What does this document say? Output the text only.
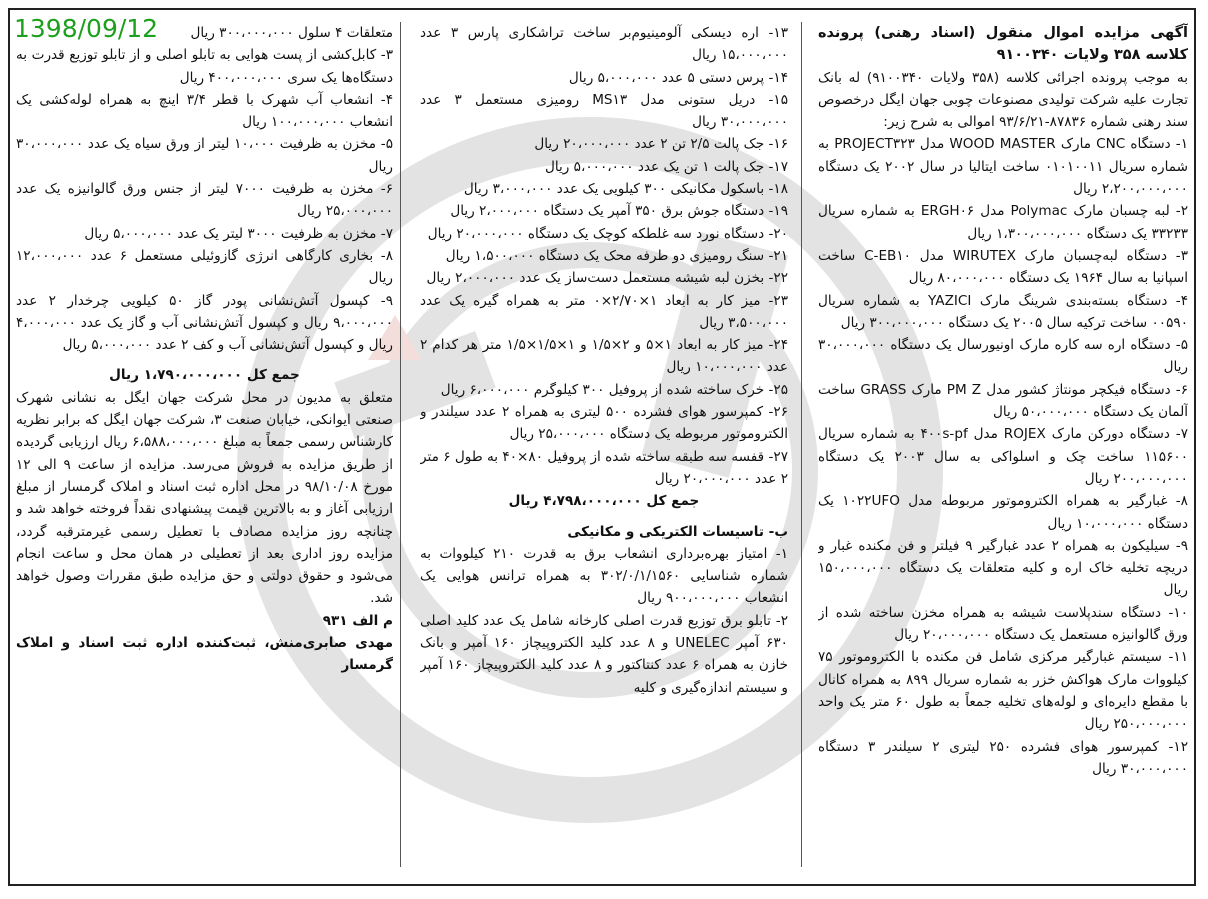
1398/09/12	آگهی مزایده اموال منقول (اسناد رهنی) پرونده کلاسه ۳۵۸ ولایات ۹۱۰۰۳۴۰

به موجب پرونده اجرائی کلاسه (۳۵۸ ولایات ۹۱۰۰۳۴۰) له بانک تجارت علیه شرکت تولیدی مصنوعات چوبی جهان ایگل درخصوص سند رهنی شماره ۸۷۸۳۶-۹۳/۶/۲۱ اموالی به شرح زیر:

۱- دستگاه CNC مارک WOOD MASTER مدل PROJECT۳۲۳ به شماره سریال ۰۱۰۱۰۰۱۱ ساخت ایتالیا در سال ۲۰۰۲ یک دستگاه ۲،۲۰۰،۰۰۰،۰۰۰ ریال

۲- لبه چسبان مارک Polymac مدل ERGH۰۶ به شماره سریال ۳۳۲۳۳ یک دستگاه ۱،۳۰۰،۰۰۰،۰۰۰ ریال

۳- دستگاه لبه‌چسبان مارک WIRUTEX مدل C-EB۱۰ ساخت اسپانیا به سال ۱۹۶۴ یک دستگاه ۸۰،۰۰۰،۰۰۰ ریال

۴- دستگاه بسته‌بندی شرینگ مارک YAZICI به شماره سریال ۰۰۵۹۰ ساخت ترکیه سال ۲۰۰۵ یک دستگاه ۳۰۰،۰۰۰،۰۰۰ ریال

۵- دستگاه اره سه کاره مارک اونیورسال یک دستگاه ۳۰،۰۰۰،۰۰۰ ریال

۶- دستگاه فیکچر مونتاژ کشور مدل PM Z مارک GRASS ساخت آلمان یک دستگاه ۵۰،۰۰۰،۰۰۰ ریال

۷- دستگاه دورکن مارک ROJEX مدل ۴۰۰s-pf به شماره سریال ۱۱۵۶۰۰ ساخت چک و اسلواکی به سال ۲۰۰۳ یک دستگاه ۲۰۰،۰۰۰،۰۰۰ ریال

۸- غبارگیر به همراه الکتروموتور مربوطه مدل ۱۰۲۲UFO یک دستگاه ۱۰،۰۰۰،۰۰۰ ریال

۹- سیلیکون به همراه ۲ عدد غبارگیر ۹ فیلتر و فن مکنده غبار و دریچه تخلیه خاک اره و کلیه متعلقات یک دستگاه ۱۵۰،۰۰۰،۰۰۰ ریال

۱۰- دستگاه سندپلاست شیشه به همراه مخزن ساخته شده از ورق گالوانیزه مستعمل یک دستگاه ۲۰،۰۰۰،۰۰۰ ریال

۱۱- سیستم غبارگیر مرکزی شامل فن مکنده با الکتروموتور ۷۵ کیلووات مارک هواکش خزر به شماره سریال ۸۹۹ به همراه کانال با مقطع دایره‌ای و لوله‌های تخلیه جمعاً به طول ۶۰ متر یک واحد ۲۵۰،۰۰۰،۰۰۰ ریال

۱۲- کمپرسور هوای فشرده ۲۵۰ لیتری ۲ سیلندر ۳ دستگاه ۳۰،۰۰۰،۰۰۰ ریال

۱۳- اره دیسکی آلومینیوم‌بر ساخت تراشکاری پارس ۳ عدد ۱۵،۰۰۰،۰۰۰ ریال

۱۴- پرس دستی ۵ عدد ۵،۰۰۰،۰۰۰ ریال

۱۵- دریل ستونی مدل MS۱۳ رومیزی مستعمل ۳ عدد ۳۰،۰۰۰،۰۰۰ ریال

۱۶- جک پالت ۲/۵ تن ۲ عدد ۲۰،۰۰۰،۰۰۰ ریال

۱۷- جک پالت ۱ تن یک عدد ۵،۰۰۰،۰۰۰ ریال

۱۸- باسکول مکانیکی ۳۰۰ کیلویی یک عدد ۳،۰۰۰،۰۰۰ ریال

۱۹- دستگاه جوش برق ۳۵۰ آمپر یک دستگاه ۲،۰۰۰،۰۰۰ ریال

۲۰- دستگاه نورد سه غلطکه کوچک یک دستگاه ۲۰،۰۰۰،۰۰۰ ریال

۲۱- سنگ رومیزی دو طرفه محک یک دستگاه ۱،۵۰۰،۰۰۰ ریال

۲۲- بخزن لبه شیشه مستعمل دست‌ساز یک عدد ۲،۰۰۰،۰۰۰ ریال

۲۳- میز کار به ابعاد ۱×۲/۷۰×۰ متر به همراه گیره یک عدد ۳،۵۰۰،۰۰۰ ریال

۲۴- میز کار به ابعاد ۱×۵ و ۲×۱/۵ و ۱×۱/۵×۱/۵ متر هر کدام ۲ عدد ۱۰،۰۰۰،۰۰۰ ریال

۲۵- خرک ساخته شده از پروفیل ۳۰۰ کیلوگرم ۶،۰۰۰،۰۰۰ ریال

۲۶- کمپرسور هوای فشرده ۵۰۰ لیتری به همراه ۲ عدد سیلندر و الکتروموتور مربوطه یک دستگاه ۲۵،۰۰۰،۰۰۰ ریال

۲۷- قفسه سه طبقه ساخته شده از پروفیل ۸۰×۴۰ به طول ۶ متر ۲ عدد ۲۰،۰۰۰،۰۰۰ ریال

جمع کل ۴،۷۹۸،۰۰۰،۰۰۰ ریال

ب- تاسیسات الکتریکی و مکانیکی

۱- امتیاز بهره‌برداری انشعاب برق به قدرت ۲۱۰ کیلووات به شماره شناسایی ۳۰۲/۰/۱/۱۵۶۰ به همراه ترانس هوایی یک انشعاب ۹۰۰،۰۰۰،۰۰۰ ریال

۲- تابلو برق توزیع قدرت اصلی کارخانه شامل یک عدد کلید اصلی ۶۳۰ آمپر UNELEC و ۸ عدد کلید الکتروپیچاز ۱۶۰ آمپر و بانک خازن به همراه ۶ عدد کنتاکتور و ۸ عدد کلید الکتروپیچاز ۱۶۰ آمپر و سیستم اندازه‌گیری و کلیه

متعلقات ۴ سلول ۳۰۰،۰۰۰،۰۰۰ ریال

۳- کابل‌کشی از پست هوایی به تابلو اصلی و از تابلو توزیع قدرت به دستگاه‌ها یک سری ۴۰۰،۰۰۰،۰۰۰ ریال

۴- انشعاب آب شهرک با قطر ۳/۴ اینچ به همراه لوله‌کشی یک انشعاب ۱۰۰،۰۰۰،۰۰۰ ریال

۵- مخزن به ظرفیت ۱۰،۰۰۰ لیتر از ورق سیاه یک عدد ۳۰،۰۰۰،۰۰۰ ریال

۶- مخزن به ظرفیت ۷۰۰۰ لیتر از جنس ورق گالوانیزه یک عدد ۲۵،۰۰۰،۰۰۰ ریال

۷- مخزن به ظرفیت ۳۰۰۰ لیتر یک عدد ۵،۰۰۰،۰۰۰ ریال

۸- بخاری کارگاهی انرژی گازوئیلی مستعمل ۶ عدد ۱۲،۰۰۰،۰۰۰ ریال

۹- کپسول آتش‌نشانی پودر گاز ۵۰ کیلویی چرخدار ۲ عدد ۹،۰۰۰،۰۰۰ ریال و کپسول آتش‌نشانی آب و گاز یک عدد ۴،۰۰۰،۰۰۰ ریال و کپسول آتش‌نشانی آب و کف ۲ عدد ۵،۰۰۰،۰۰۰ ریال

جمع کل ۱،۷۹۰،۰۰۰،۰۰۰ ریال

متعلق به مدیون در محل شرکت جهان ایگل به نشانی شهرک صنعتی ایوانکی، خیابان صنعت ۳، شرکت جهان ایگل که برابر نظریه کارشناس رسمی جمعاً به مبلغ ۶،۵۸۸،۰۰۰،۰۰۰ ریال ارزیابی گردیده از طریق مزایده به فروش می‌رسد. مزایده از ساعت ۹ الی ۱۲ مورخ ۹۸/۱۰/۰۸ در محل اداره ثبت اسناد و املاک گرمسار از مبلغ ارزیابی آغاز و به بالاترین قیمت پیشنهادی نقداً فروخته خواهد شد و چنانچه روز مزایده مصادف با تعطیل رسمی غیرمترقبه گردد، مزایده روز اداری بعد از تعطیلی در همان محل و ساعت انجام می‌شود و حقوق دولتی و حق مزایده طبق مقررات وصول خواهد شد.

م الف ۹۳۱

مهدی صابری‌منش، ثبت‌کننده اداره ثبت اسناد و املاک گرمسار
